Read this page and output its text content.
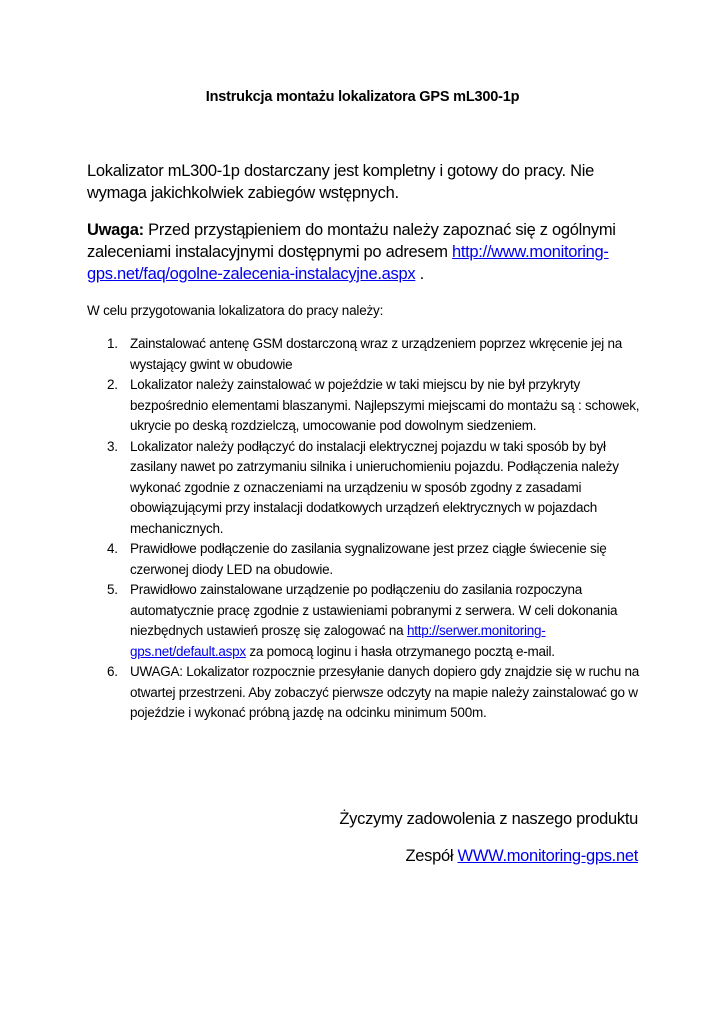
Instrukcja montażu lokalizatora GPS mL300-1p
Lokalizator mL300-1p dostarczany jest kompletny i gotowy do pracy. Nie wymaga jakichkolwiek zabiegów wstępnych.
Uwaga: Przed przystąpieniem do montażu należy zapoznać się z ogólnymi zaleceniami instalacyjnymi dostępnymi po adresem http://www.monitoring-gps.net/faq/ogolne-zalecenia-instalacyjne.aspx .
W celu przygotowania lokalizatora do pracy należy:
1. Zainstalować antenę GSM dostarczoną wraz z urządzeniem poprzez wkręcenie jej na wystający gwint w obudowie
2. Lokalizator należy zainstalować w pojeździe w taki miejscu by nie był przykryty bezpośrednio elementami blaszanymi. Najlepszymi miejscami do montażu są : schowek, ukrycie po deską rozdzielczą, umocowanie pod dowolnym siedzeniem.
3. Lokalizator należy podłączyć do instalacji elektrycznej pojazdu w taki sposób by był zasilany nawet po zatrzymaniu silnika i unieruchomieniu pojazdu. Podłączenia należy wykonać zgodnie z oznaczeniami na urządzeniu w sposób zgodny z zasadami obowiązującymi przy instalacji dodatkowych urządzeń elektrycznych w pojazdach mechanicznych.
4. Prawidłowe podłączenie do zasilania sygnalizowane jest przez ciągłe świecenie się czerwonej diody LED na obudowie.
5. Prawidłowo zainstalowane urządzenie po podłączeniu do zasilania rozpoczyna automatycznie pracę zgodnie z ustawieniami pobranymi z serwera. W celi dokonania niezbędnych ustawień proszę się zalogować na http://serwer.monitoring-gps.net/default.aspx za pomocą loginu i hasła otrzymanego pocztą e-mail.
6. UWAGA: Lokalizator rozpocznie przesyłanie danych dopiero gdy znajdzie się w ruchu na otwartej przestrzeni. Aby zobaczyć pierwsze odczyty na mapie należy zainstalować go w pojeździe i wykonać próbną jazdę na odcinku minimum 500m.
Życzymy zadowolenia z naszego produktu
Zespół WWW.monitoring-gps.net
